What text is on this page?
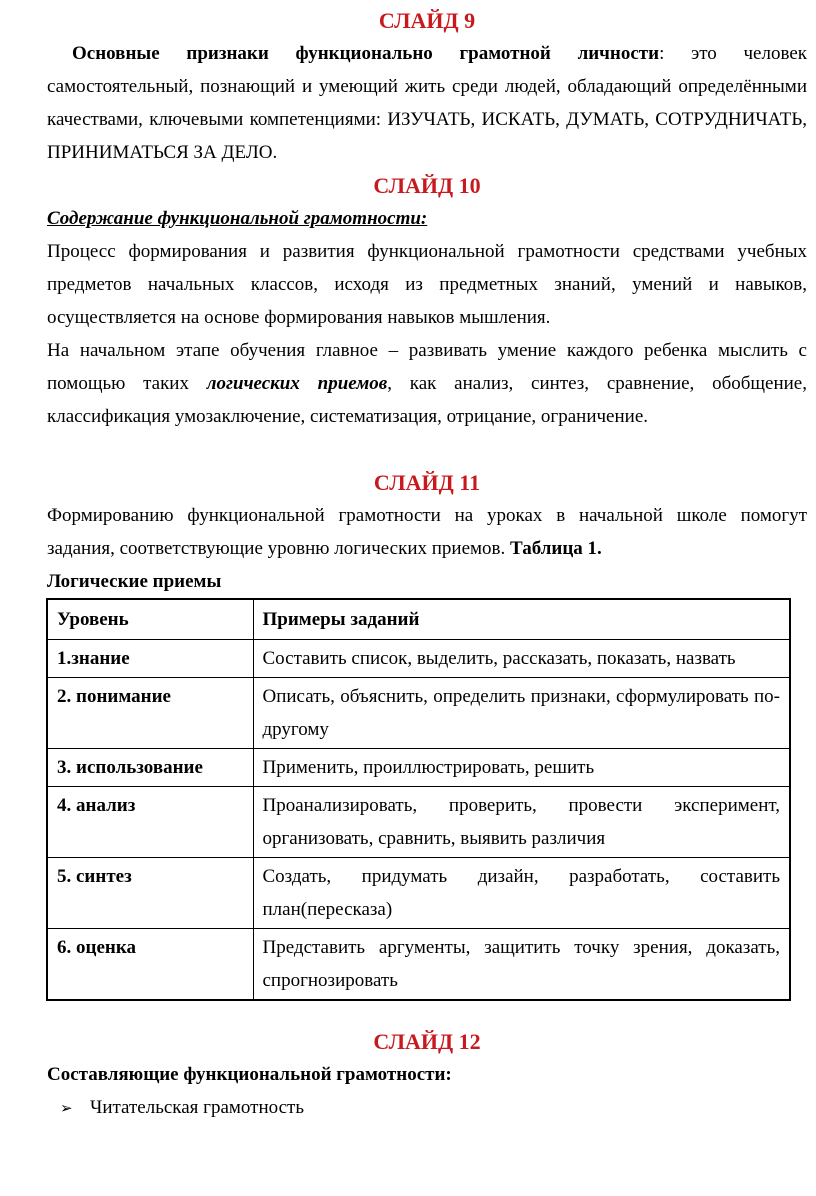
СЛАЙД 9

Основные признаки функционально грамотной личности: это человек самостоятельный, познающий и умеющий жить среди людей, обладающий определёнными качествами, ключевыми компетенциями: ИЗУЧАТЬ, ИСКАТЬ, ДУМАТЬ, СОТРУДНИЧАТЬ, ПРИНИМАТЬСЯ ЗА ДЕЛО.

СЛАЙД 10

Содержание функциональной грамотности:

Процесс формирования и развития функциональной грамотности средствами учебных предметов начальных классов, исходя из предметных знаний, умений и навыков, осуществляется на основе формирования навыков мышления.

На начальном этапе обучения главное – развивать умение каждого ребенка мыслить с помощью таких логических приемов, как анализ, синтез, сравнение, обобщение, классификация умозаключение, систематизация, отрицание, ограничение.

СЛАЙД 11

Формированию функциональной грамотности на уроках в начальной школе помогут задания, соответствующие уровню логических приемов. Таблица 1.

Логические приемы

Уровень	Примеры заданий
1.знание	Составить список, выделить, рассказать, показать, назвать
2. понимание	Описать, объяснить, определить признаки, сформулировать по-другому
3. использование	Применить, проиллюстрировать, решить
4. анализ	Проанализировать, проверить, провести эксперимент, организовать, сравнить, выявить различия
5. синтез	Создать, придумать дизайн, разработать, составить план(пересказа)
6. оценка	Представить аргументы, защитить точку зрения, доказать, спрогнозировать
СЛАЙД 12

Составляющие функциональной грамотности:

➢ Читательская грамотность
